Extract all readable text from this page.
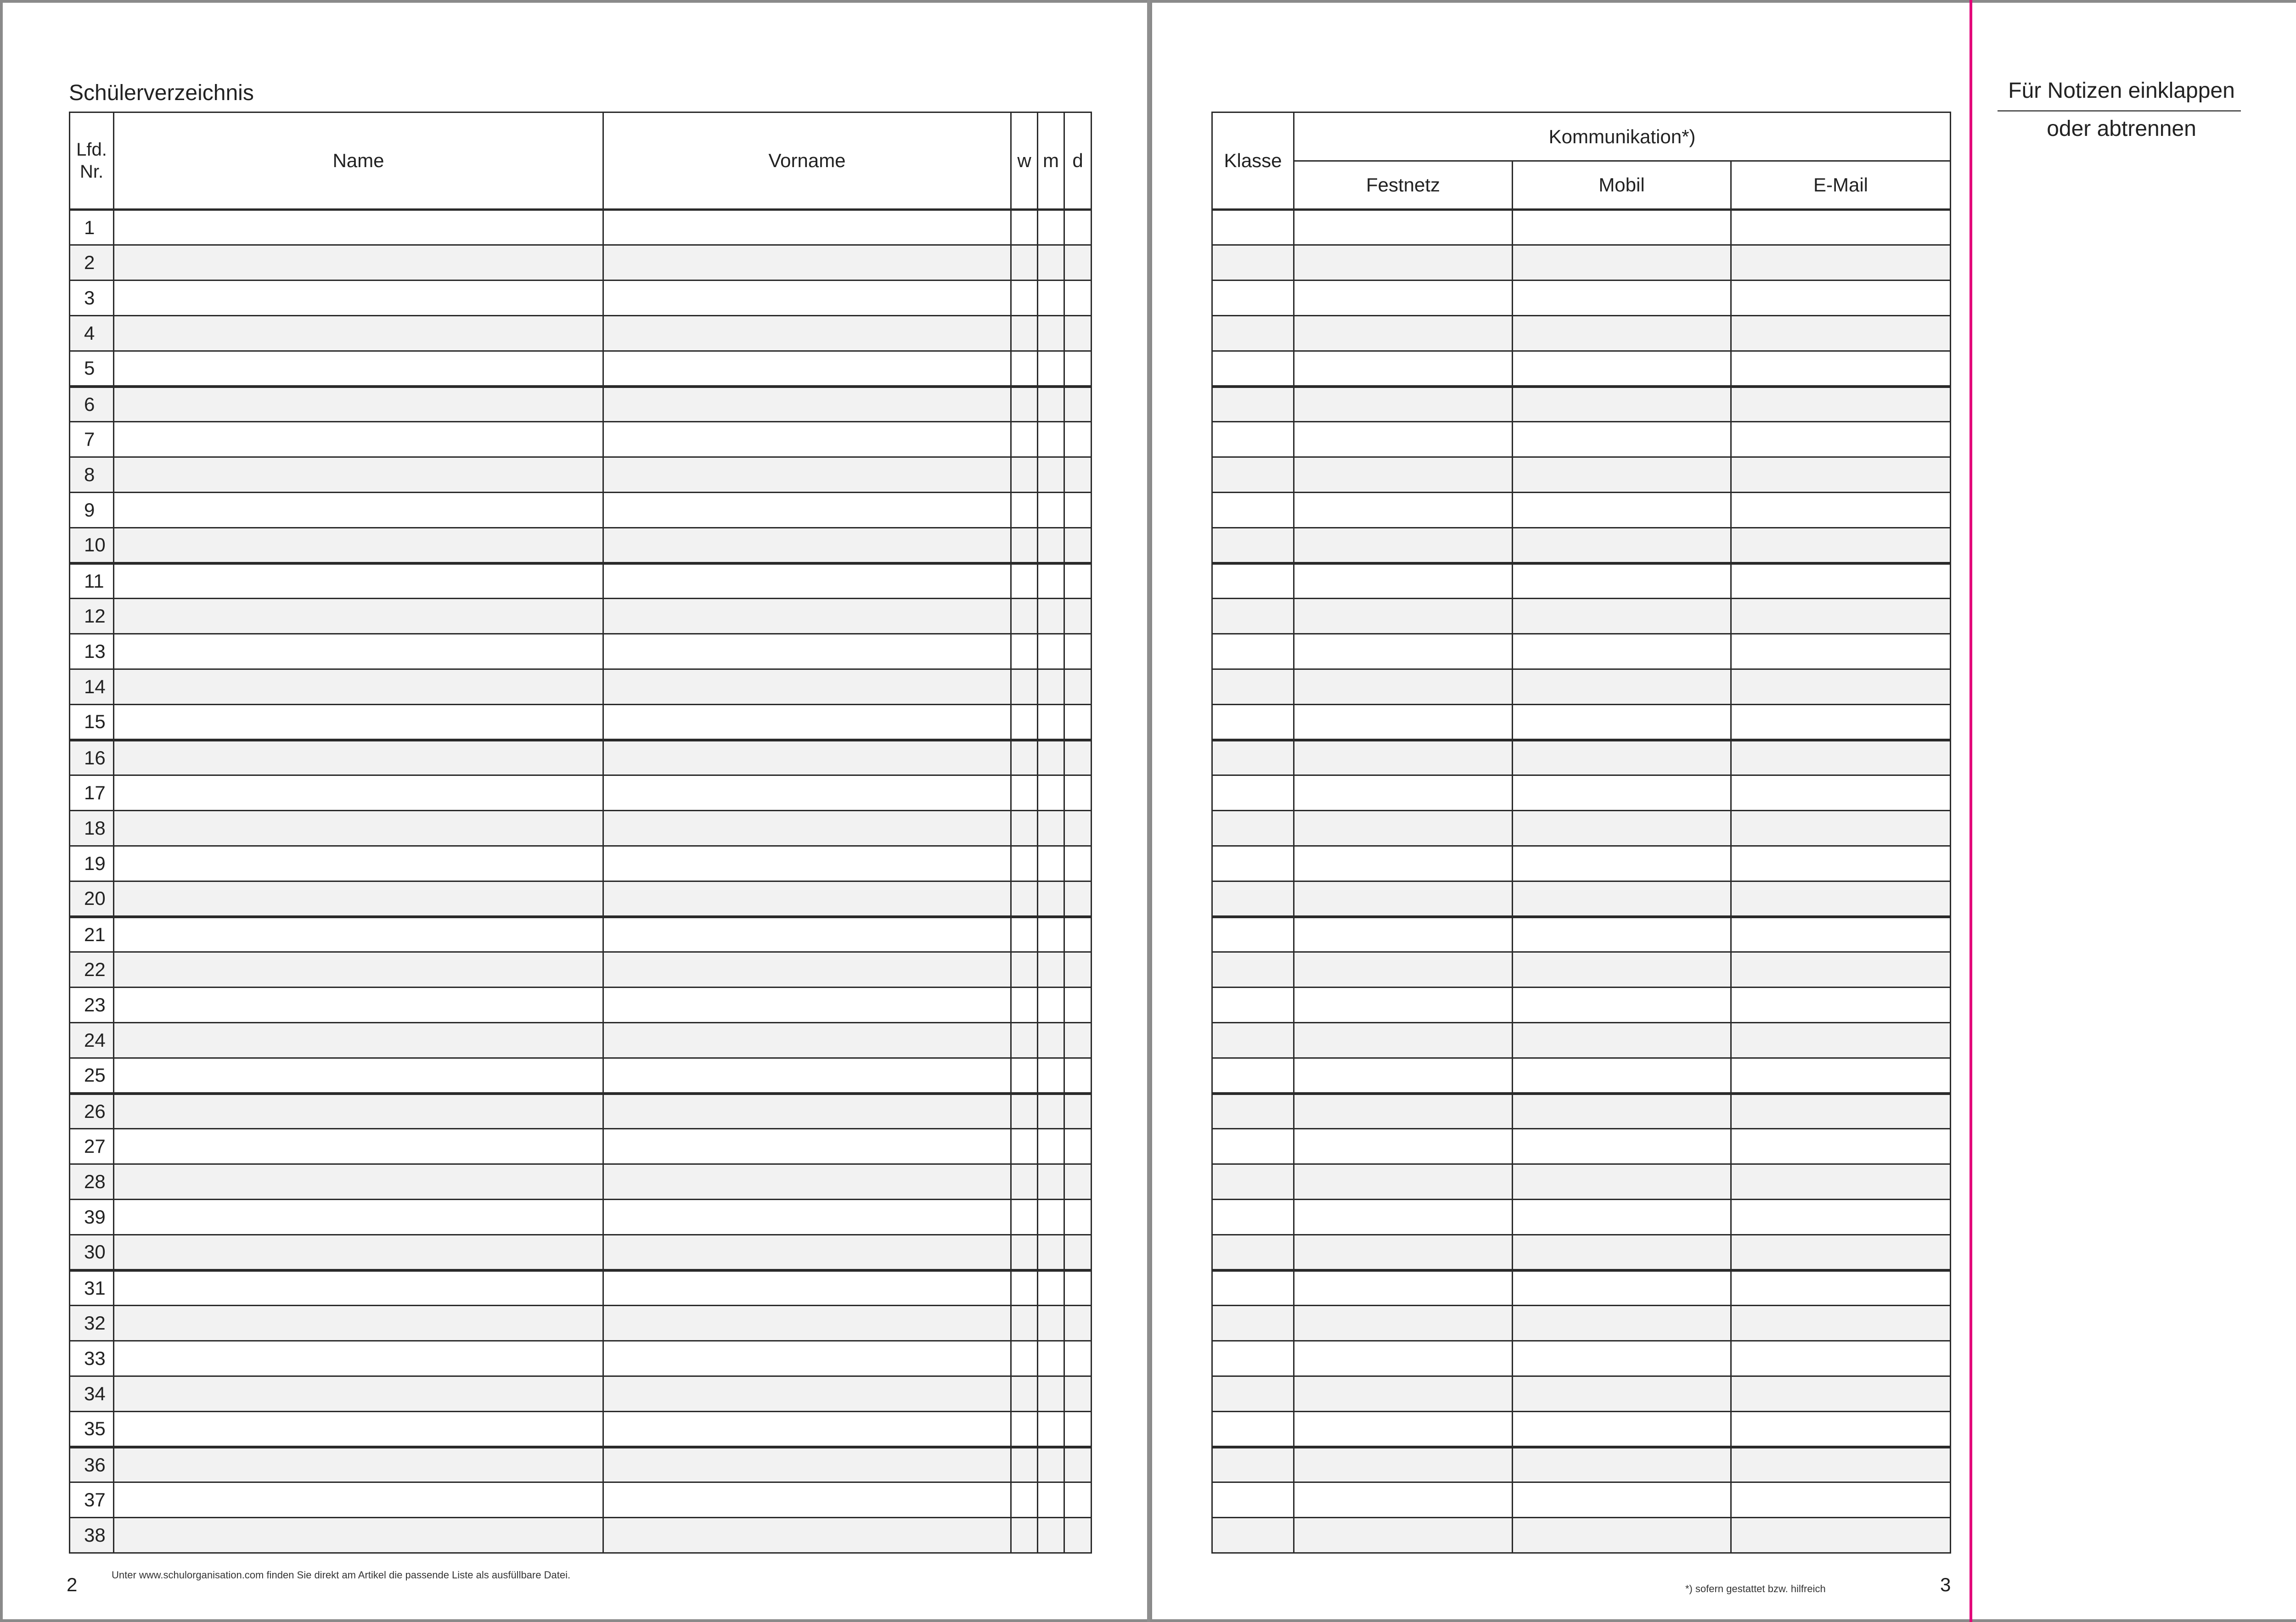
Schülerverzeichnis
Lfd.
Nr.	Name	Vorname	w	m	d
1					
2					
3					
4					
5					
6					
7					
8					
9					
10					
11					
12					
13					
14					
15					
16					
17					
18					
19					
20					
21					
22					
23					
24					
25					
26					
27					
28					
39					
30					
31					
32					
33					
34					
35					
36					
37					
38					
2	Unter www.schulorganisation.com finden Sie direkt am Artikel die passende Liste als ausfüllbare Datei.
Klasse	Kommunikation*)		
	Festnetz	Mobil	E-Mail

*) sofern gestattet bzw. hilfreich	3
Für Notizen einklappen
oder abtrennen
